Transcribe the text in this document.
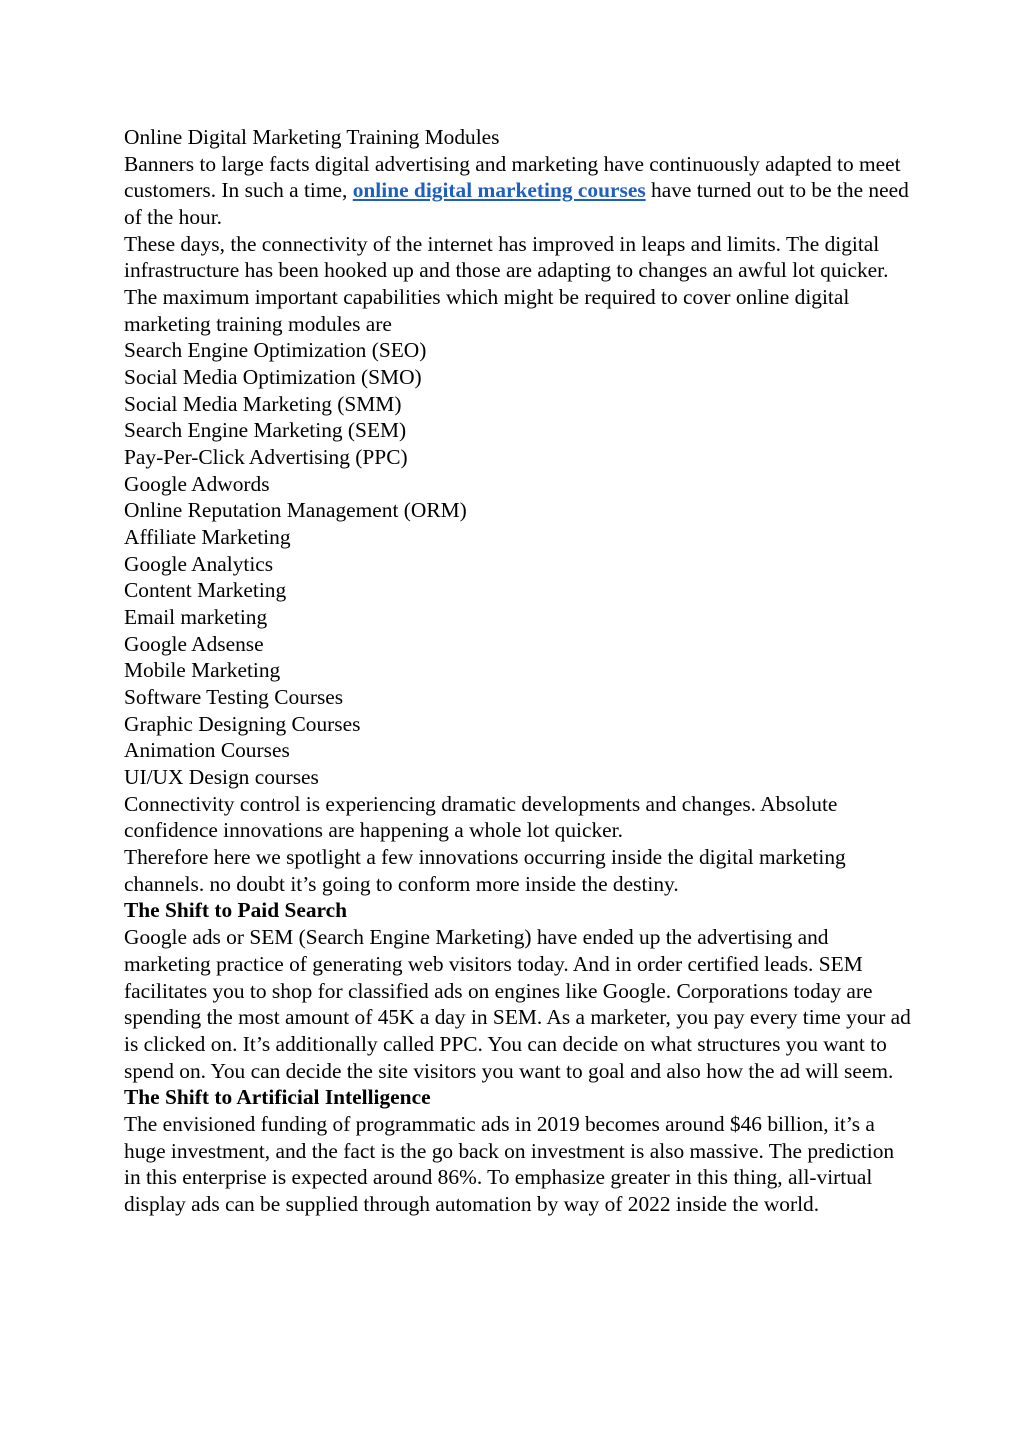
Online Digital Marketing Training Modules

Banners to large facts digital advertising and marketing have continuously adapted to meet customers. In such a time, online digital marketing courses have turned out to be the need of the hour.

These days, the connectivity of the internet has improved in leaps and limits. The digital infrastructure has been hooked up and those are adapting to changes an awful lot quicker.

The maximum important capabilities which might be required to cover online digital marketing training modules are

Search Engine Optimization (SEO)
Social Media Optimization (SMO)
Social Media Marketing (SMM)
Search Engine Marketing (SEM)
Pay-Per-Click Advertising (PPC)
Google Adwords
Online Reputation Management (ORM)
Affiliate Marketing
Google Analytics
Content Marketing
Email marketing
Google Adsense
Mobile Marketing
Software Testing Courses
Graphic Designing Courses
Animation Courses
UI/UX Design courses

Connectivity control is experiencing dramatic developments and changes. Absolute confidence innovations are happening a whole lot quicker.

Therefore here we spotlight a few innovations occurring inside the digital marketing channels. no doubt it’s going to conform more inside the destiny.

The Shift to Paid Search

Google ads or SEM (Search Engine Marketing) have ended up the advertising and marketing practice of generating web visitors today. And in order certified leads. SEM facilitates you to shop for classified ads on engines like Google. Corporations today are spending the most amount of 45K a day in SEM. As a marketer, you pay every time your ad is clicked on. It’s additionally called PPC. You can decide on what structures you want to spend on. You can decide the site visitors you want to goal and also how the ad will seem.

The Shift to Artificial Intelligence

The envisioned funding of programmatic ads in 2019 becomes around $46 billion, it’s a huge investment, and the fact is the go back on investment is also massive. The prediction in this enterprise is expected around 86%. To emphasize greater in this thing, all-virtual display ads can be supplied through automation by way of 2022 inside the world.
